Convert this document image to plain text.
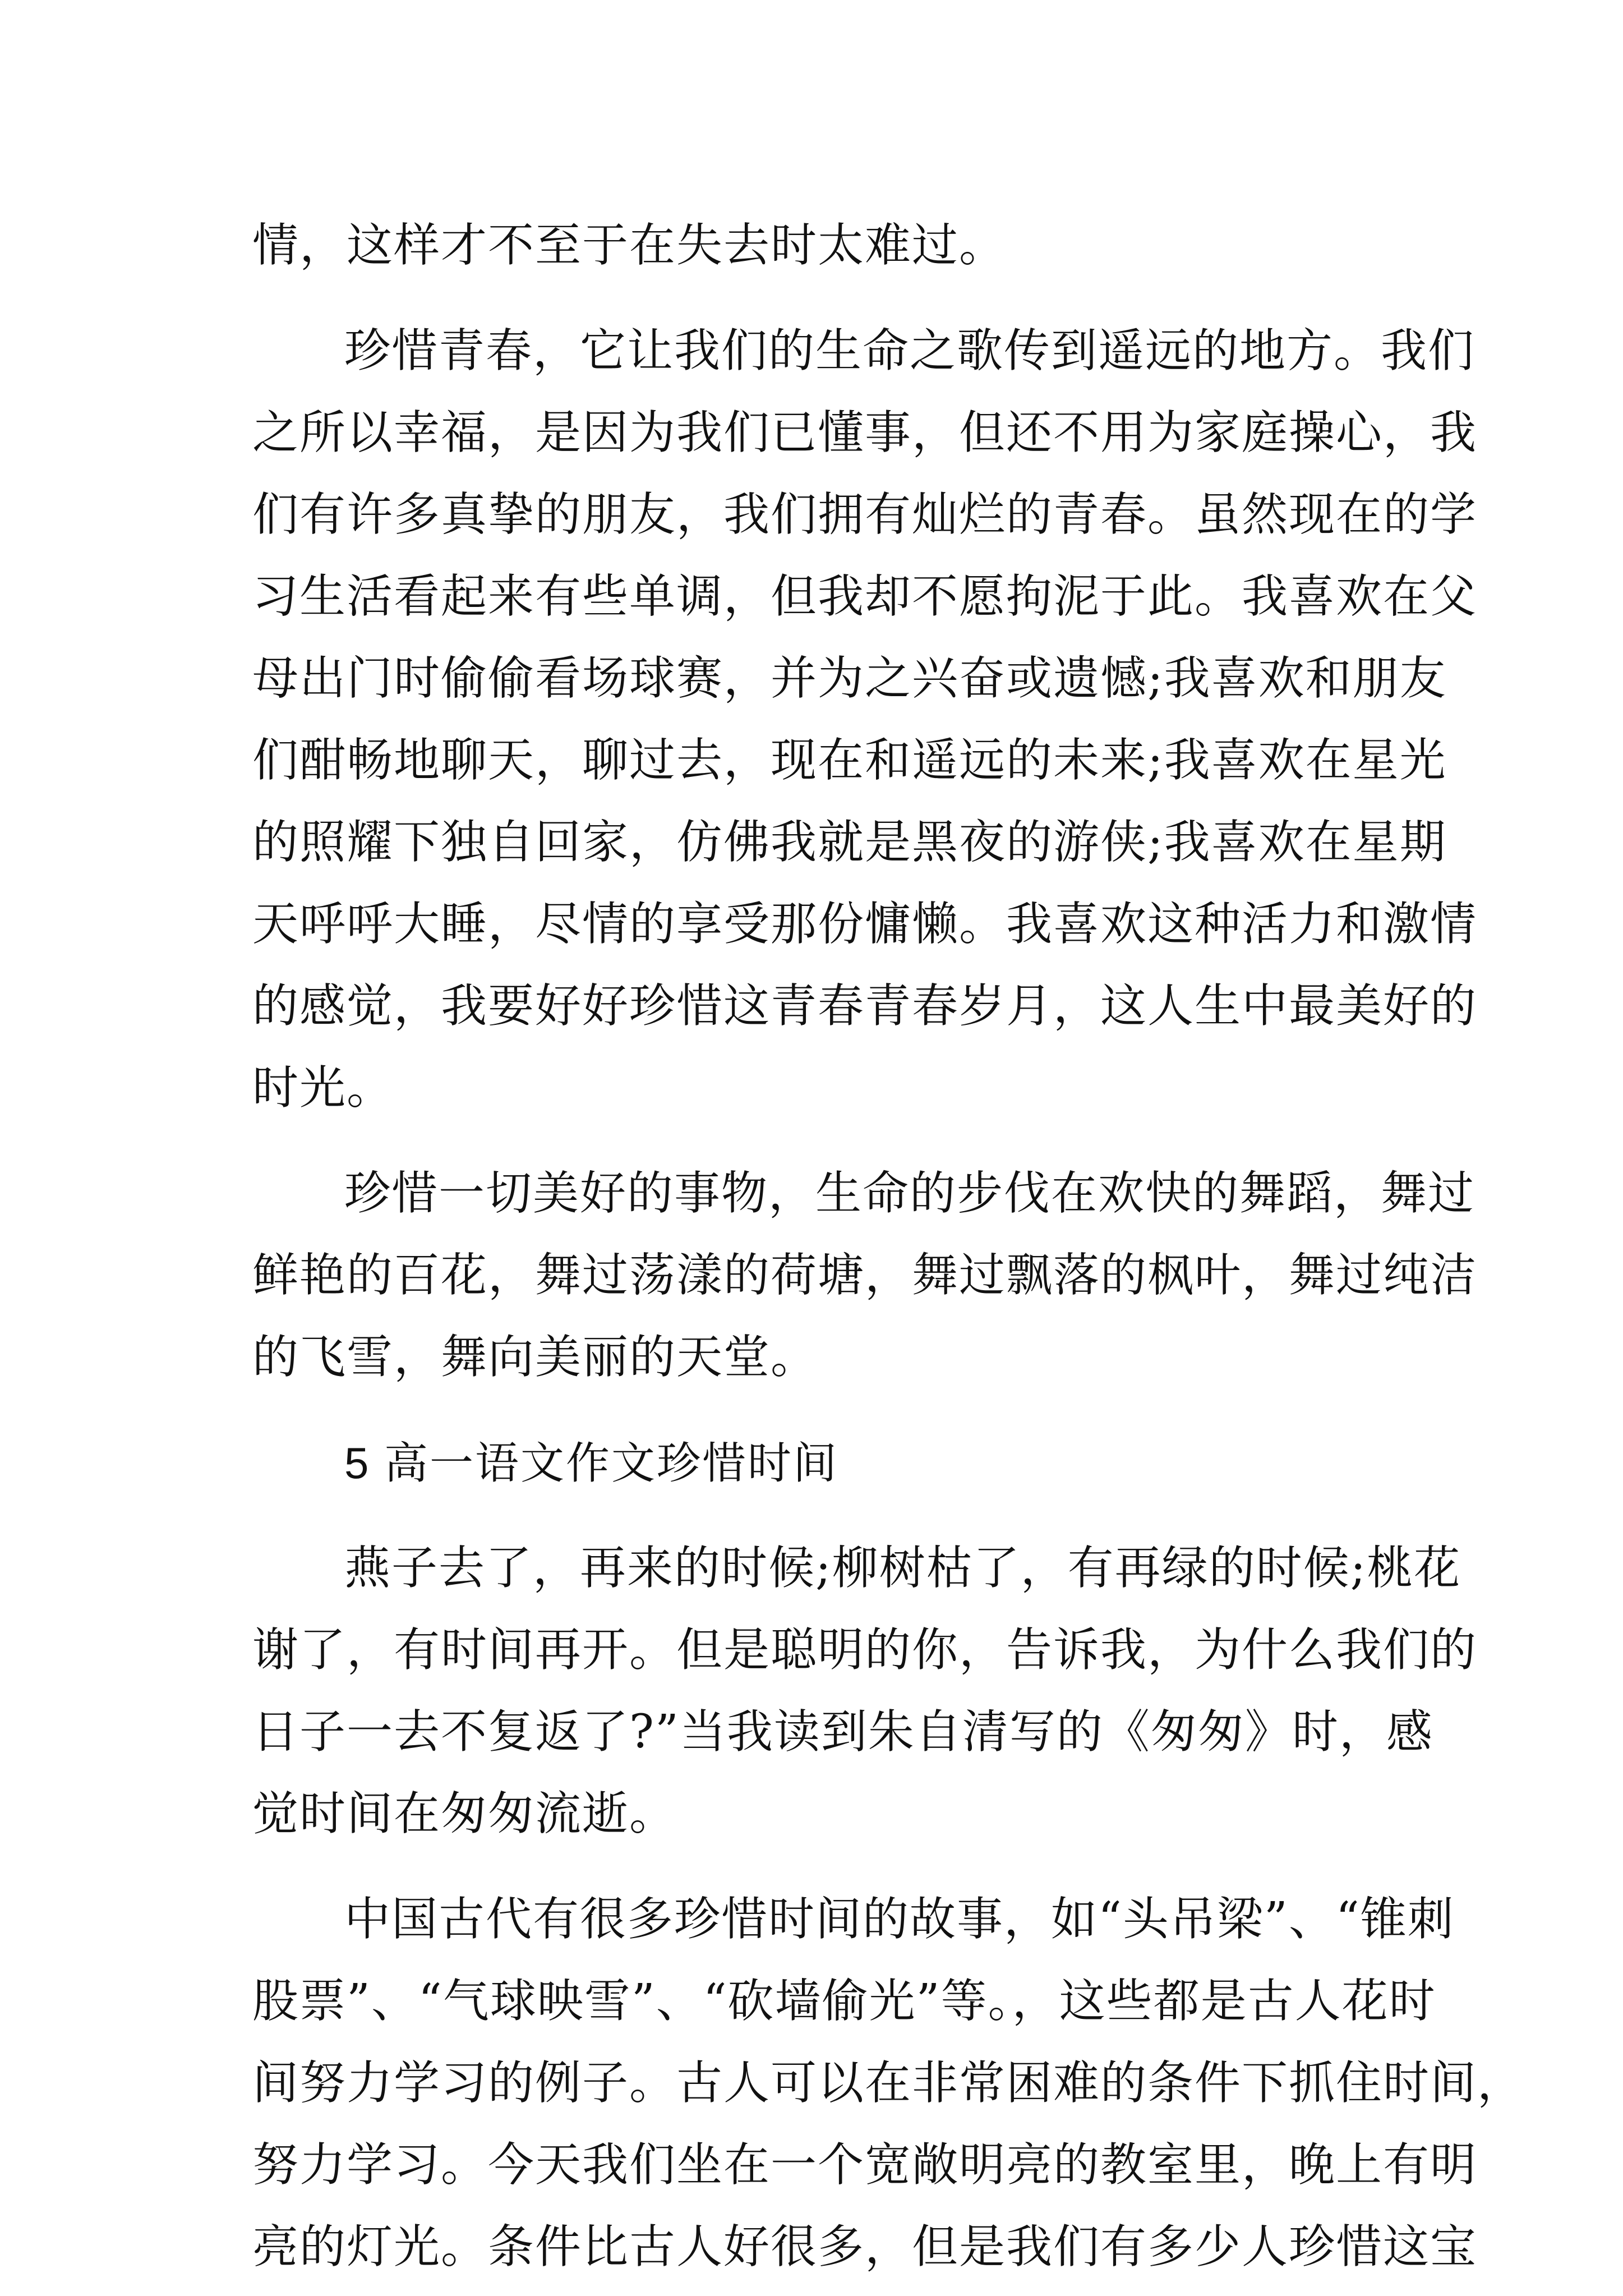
情，这样才不至于在失去时太难过。
珍惜青春，它让我们的生命之歌传到遥远的地方。我们
之所以幸福，是因为我们已懂事，但还不用为家庭操心，我
们有许多真挚的朋友，我们拥有灿烂的青春。虽然现在的学
习生活看起来有些单调，但我却不愿拘泥于此。我喜欢在父
母出门时偷偷看场球赛，并为之兴奋或遗憾;我喜欢和朋友
们酣畅地聊天，聊过去，现在和遥远的未来;我喜欢在星光
的照耀下独自回家，仿佛我就是黑夜的游侠;我喜欢在星期
天呼呼大睡，尽情的享受那份慵懒。我喜欢这种活力和激情
的感觉，我要好好珍惜这青春青春岁月，这人生中最美好的
时光。
珍惜一切美好的事物，生命的步伐在欢快的舞蹈，舞过
鲜艳的百花，舞过荡漾的荷塘，舞过飘落的枫叶，舞过纯洁
的飞雪，舞向美丽的天堂。
5 高一语文作文珍惜时间
燕子去了，再来的时候;柳树枯了，有再绿的时候;桃花
谢了，有时间再开。但是聪明的你，告诉我，为什么我们的
日子一去不复返了?”当我读到朱自清写的《匆匆》时，感
觉时间在匆匆流逝。
中国古代有很多珍惜时间的故事，如“头吊梁”、“锥刺
股票”、“气球映雪”、“砍墙偷光”等。，这些都是古人花时
间努力学习的例子。古人可以在非常困难的条件下抓住时间，
努力学习。今天我们坐在一个宽敞明亮的教室里，晚上有明
亮的灯光。条件比古人好很多，但是我们有多少人珍惜这宝
